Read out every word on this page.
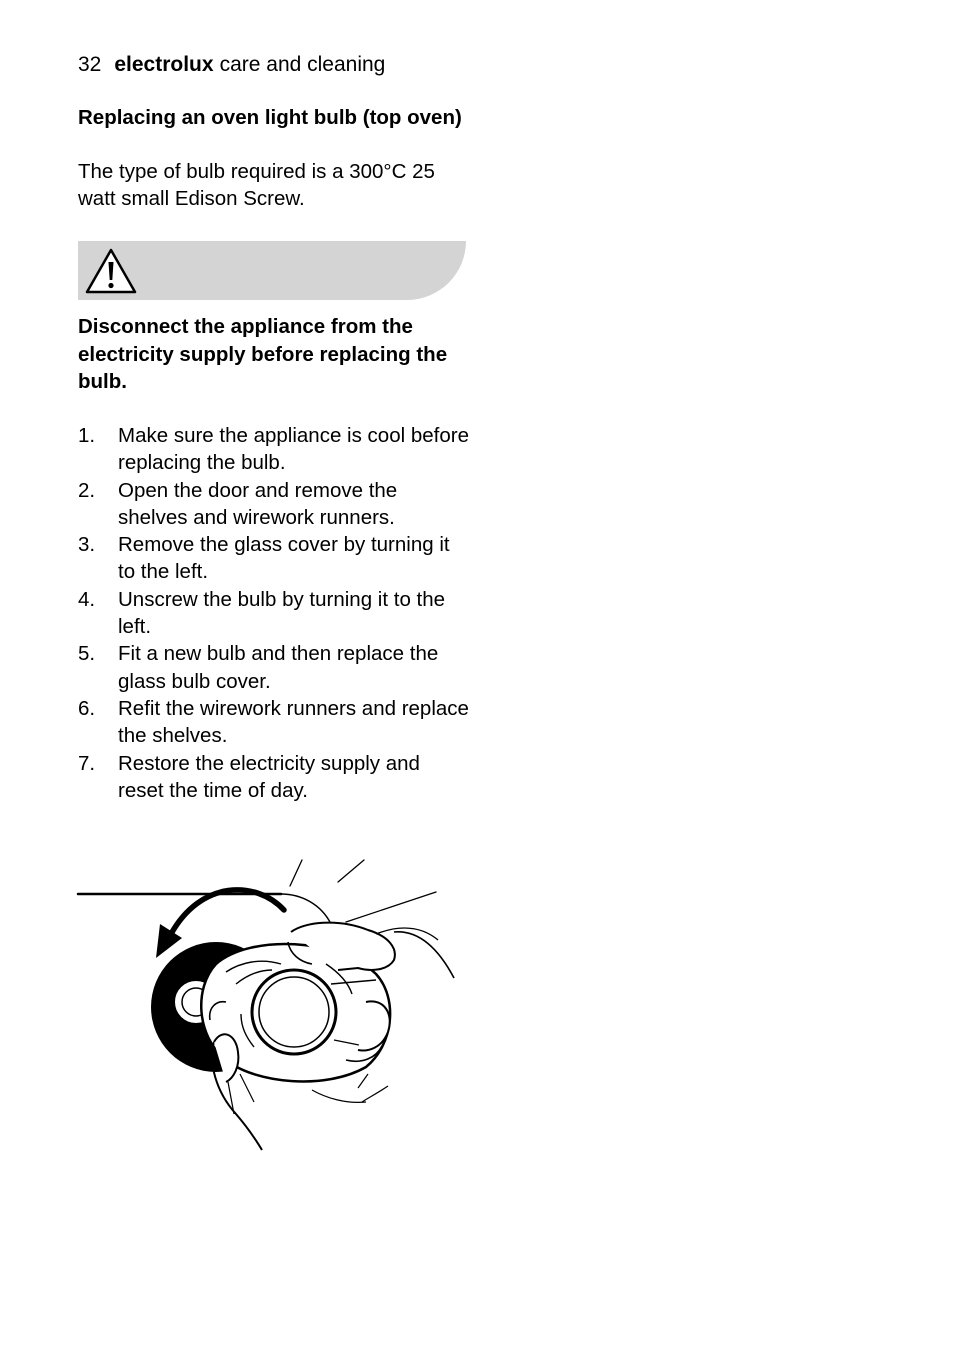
32 electrolux care and cleaning
Replacing an oven light bulb (top oven)
The type of bulb required is a 300°C 25 watt small Edison Screw.
Disconnect the appliance from the electricity supply before replacing the bulb.
1.	Make sure the appliance is cool before replacing the bulb.
2.	Open the door and remove the shelves and wirework runners.
3.	Remove the glass cover by turning it to the left.
4.	Unscrew the bulb by turning it to the left.
5.	Fit a new bulb and then replace the glass bulb cover.
6.	Refit the wirework runners and replace the shelves.
7.	Restore the electricity supply and reset the time of day.
